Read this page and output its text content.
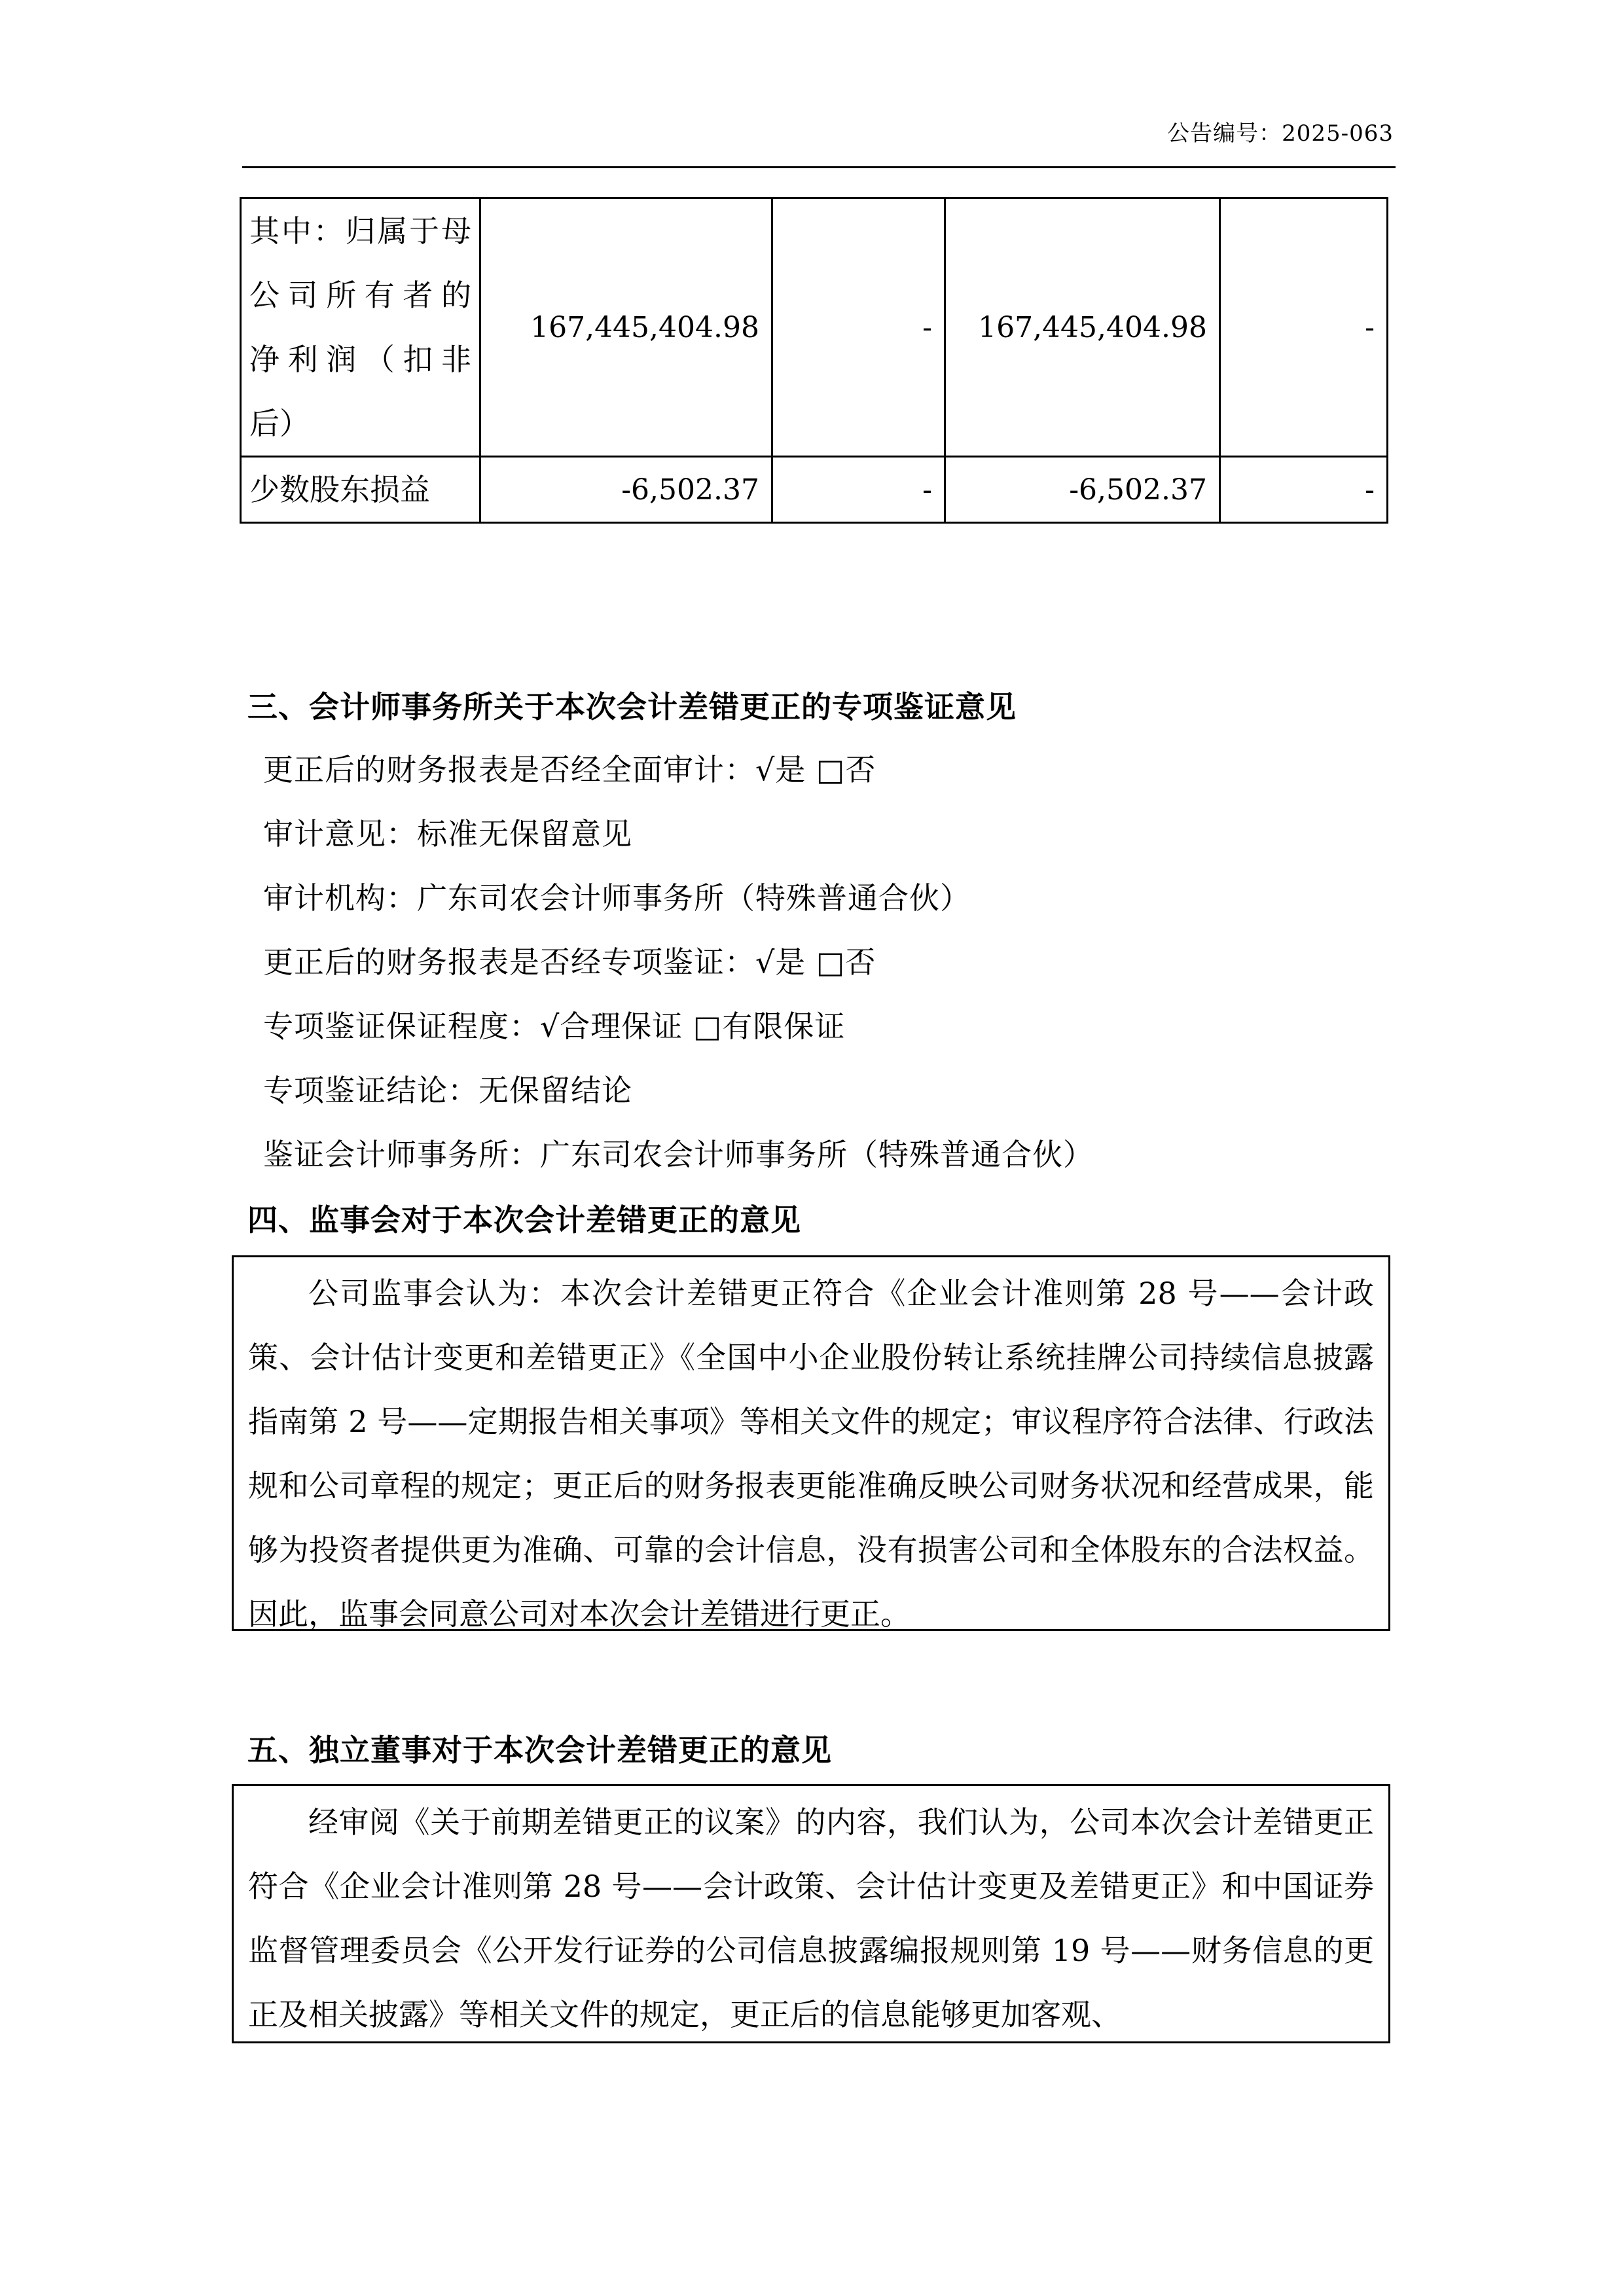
公告编号：2025-063
其中：归属于母
公司所有者的
净利润（扣非
后）	167,445,404.98	-	167,445,404.98	-
少数股东损益	-6,502.37	-	-6,502.37	-
三、会计师事务所关于本次会计差错更正的专项鉴证意见
更正后的财务报表是否经全面审计：√是 □否
审计意见：标准无保留意见
审计机构：广东司农会计师事务所（特殊普通合伙）
更正后的财务报表是否经专项鉴证：√是 □否
专项鉴证保证程度：√合理保证 □有限保证
专项鉴证结论：无保留结论
鉴证会计师事务所：广东司农会计师事务所（特殊普通合伙）
四、监事会对于本次会计差错更正的意见

公司监事会认为：本次会计差错更正符合《企业会计准则第 28 号——会计政策、会计估计变更和差错更正》《全国中小企业股份转让系统挂牌公司持续信息披露指南第 2 号——定期报告相关事项》等相关文件的规定；审议程序符合法律、行政法规和公司章程的规定；更正后的财务报表更能准确反映公司财务状况和经营成果，能够为投资者提供更为准确、可靠的会计信息，没有损害公司和全体股东的合法权益。因此，监事会同意公司对本次会计差错进行更正。

五、独立董事对于本次会计差错更正的意见

经审阅《关于前期差错更正的议案》的内容，我们认为，公司本次会计差错更正符合《企业会计准则第 28 号——会计政策、会计估计变更及差错更正》和中国证券监督管理委员会《公开发行证券的公司信息披露编报规则第 19 号——财务信息的更正及相关披露》等相关文件的规定，更正后的信息能够更加客观、
